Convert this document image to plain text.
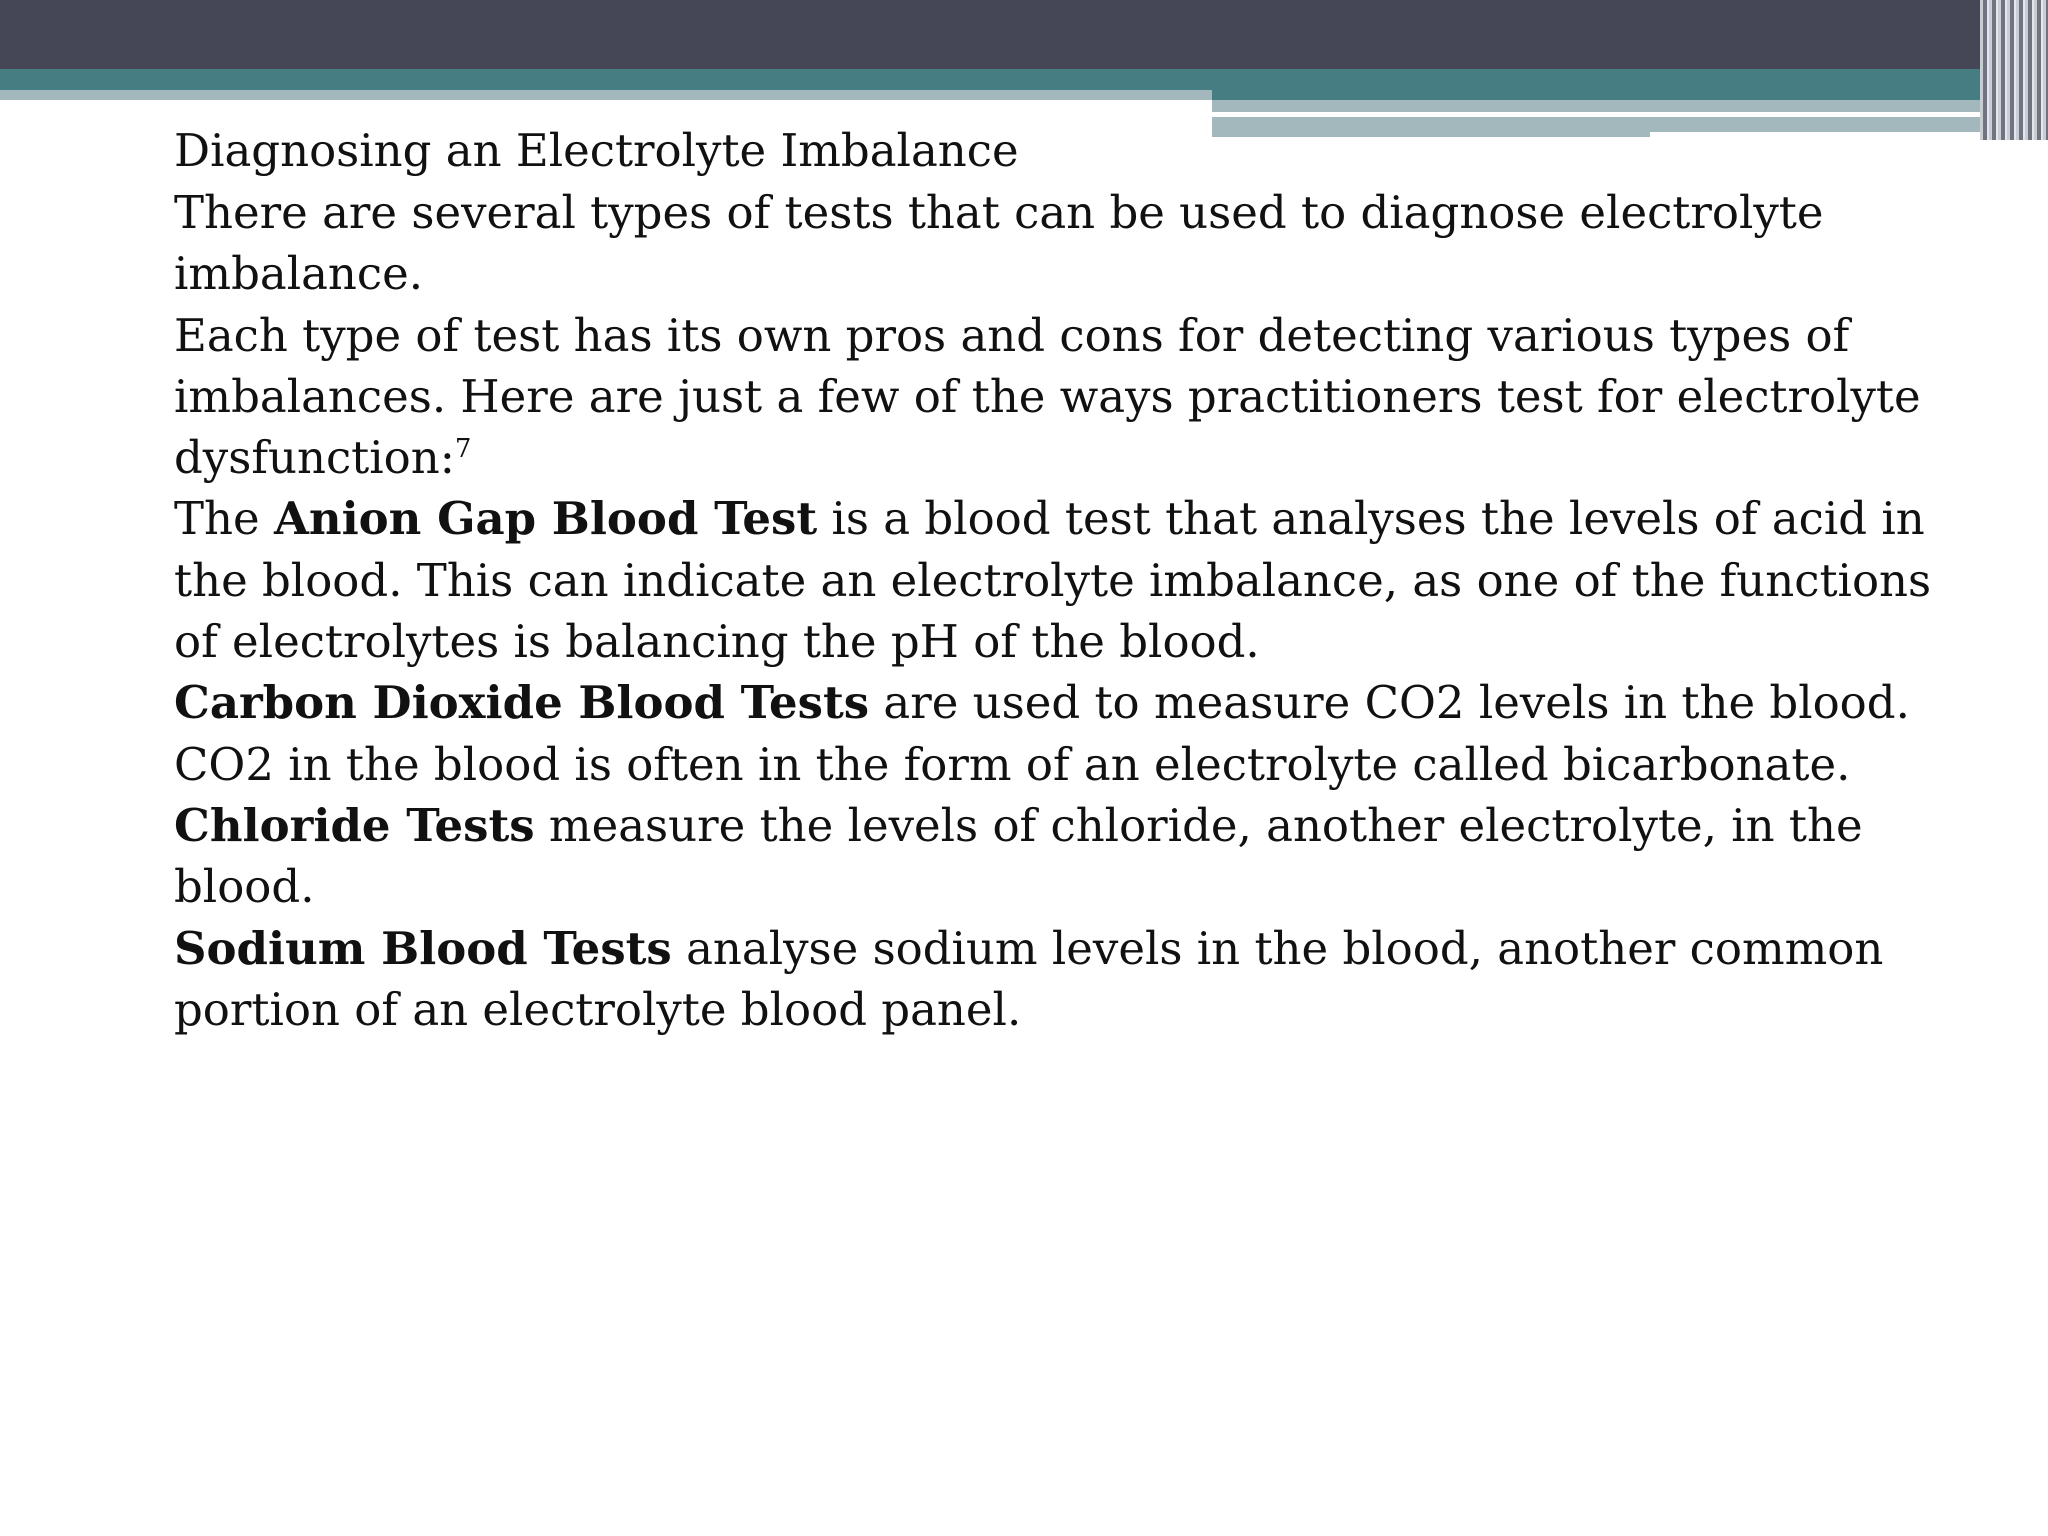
Diagnosing an Electrolyte Imbalance
There are several types of tests that can be used to diagnose electrolyte imbalance.
Each type of test has its own pros and cons for detecting various types of imbalances. Here are just a few of the ways practitioners test for electrolyte dysfunction:$^7$
The Anion Gap Blood Test is a blood test that analyses the levels of acid in the blood. This can indicate an electrolyte imbalance, as one of the functions of electrolytes is balancing the pH of the blood.
Carbon Dioxide Blood Tests are used to measure CO2 levels in the blood. CO2 in the blood is often in the form of an electrolyte called bicarbonate.
Chloride Tests measure the levels of chloride, another electrolyte, in the blood.
Sodium Blood Tests analyse sodium levels in the blood, another common portion of an electrolyte blood panel.
